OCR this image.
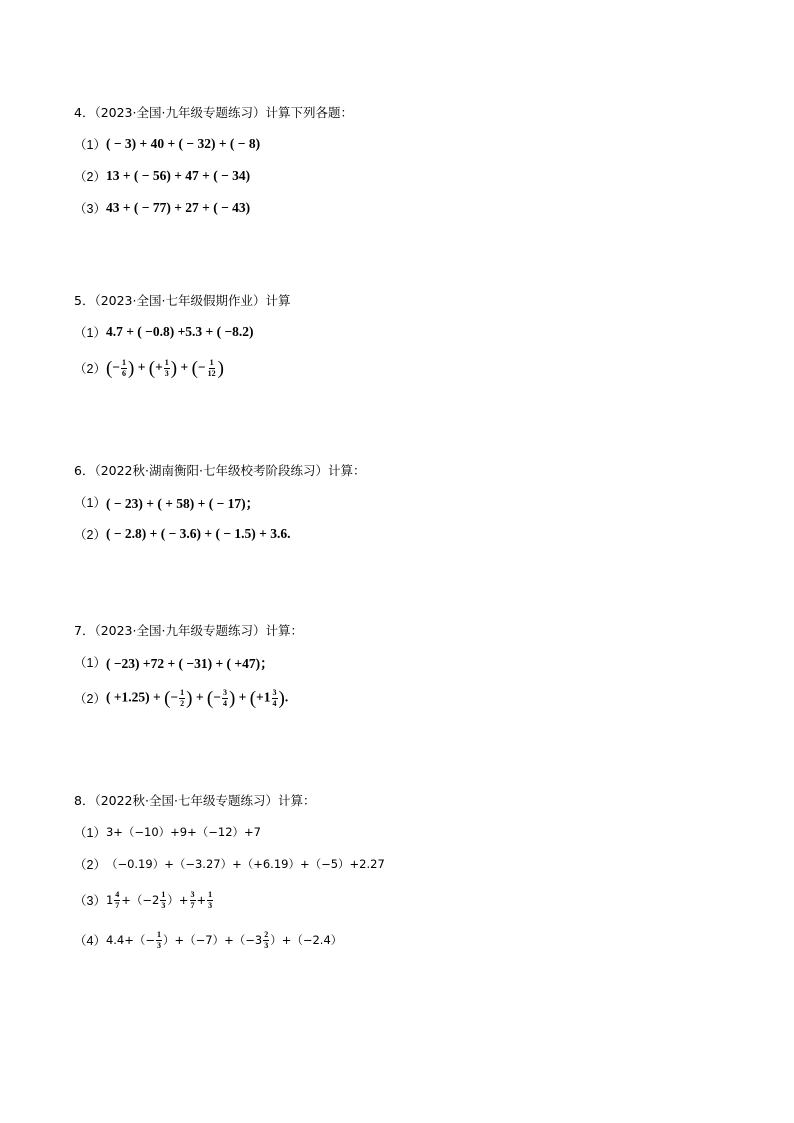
4．（2023·全国·九年级专题练习）计算下列各题：
（1） ( − 3) + 40 + ( − 32) + ( − 8)
（2） 13 + ( − 56) + 47 + ( − 34)
（3） 43 + ( − 77) + 27 + ( − 43)
5．（2023·全国·七年级假期作业）计算
（1） 4.7 + ( −0.8) +5.3 + ( −8.2)
（2） (− $\frac{1}{6}$ ) + (+ $\frac{1}{3}$ ) + (− $\frac{1}{12}$ )
6．（2022秋·湖南衡阳·七年级校考阶段练习）计算：
（1） ( − 23) + ( + 58) + ( − 17)；
（2） ( − 2.8) + ( − 3.6) + ( − 1.5) + 3.6.
7．（2023·全国·九年级专题练习）计算：
（1） ( −23) +72 + ( −31) + ( +47)；
（2） ( +1.25) + (− $\frac{1}{2}$ ) + (− $\frac{3}{4}$ ) + ($+1 \frac{3}{4}$ ).
8．（2022秋·全国·七年级专题练习）计算：
（1） 3+（−10）+9+（−12）+7
（2） （−0.19）+（−3.27）+（+6.19）+（−5）+2.27
（3） $1 \frac{4}{7} +(-2 \frac{1}{3}$ ）+ $\frac{3}{7} + \frac{1}{3}$
（4） $4.4+(- \frac{1}{3} )+(-7)+(-3 \frac{2}{3} )+(-2.4)$
